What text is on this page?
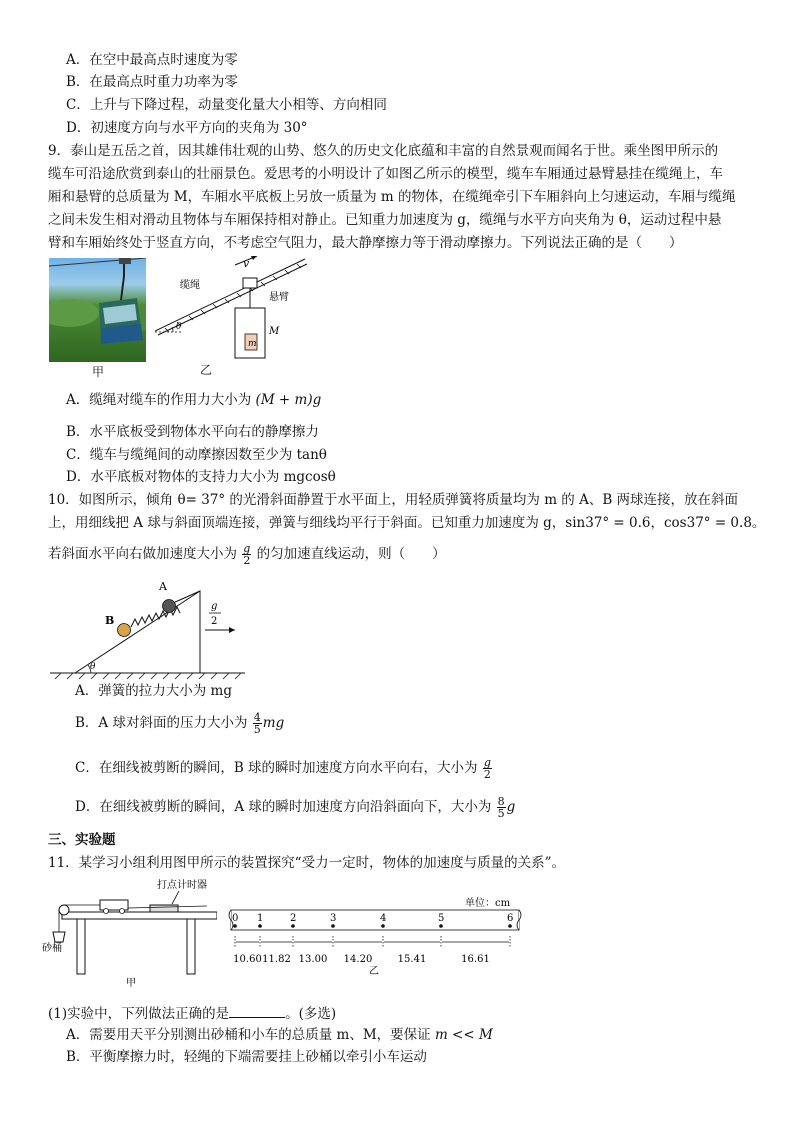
A．在空中最高点时速度为零
B．在最高点时重力功率为零
C．上升与下降过程，动量变化量大小相等、方向相同
D．初速度方向与水平方向的夹角为 30°
9．泰山是五岳之首，因其雄伟壮观的山势、悠久的历史文化底蕴和丰富的自然景观而闻名于世。乘坐图甲所示的
缆车可沿途欣赏到泰山的壮丽景色。爱思考的小明设计了如图乙所示的模型，缆车车厢通过悬臂悬挂在缆绳上，车
厢和悬臂的总质量为 M，车厢水平底板上另放一质量为 m 的物体，在缆绳牵引下车厢斜向上匀速运动，车厢与缆绳
之间未发生相对滑动且物体与车厢保持相对静止。已知重力加速度为 g，缆绳与水平方向夹角为 θ，运动过程中悬
臂和车厢始终处于竖直方向，不考虑空气阻力，最大静摩擦力等于滑动摩擦力。下列说法正确的是（　　）
甲
缆绳
悬臂
v
M
m
θ
乙
A．缆绳对缆车的作用力大小为 (M + m)g
B．水平底板受到物体水平向右的静摩擦力
C．缆车与缆绳间的动摩擦因数至少为 tanθ
D．水平底板对物体的支持力大小为 mgcosθ
10．如图所示，倾角 θ= 37° 的光滑斜面静置于水平面上，用轻质弹簧将质量均为 m 的 A、B 两球连接，放在斜面
上，用细线把 A 球与斜面顶端连接，弹簧与细线均平行于斜面。已知重力加速度为 g，sin37° = 0.6，cos37° = 0.8。
若斜面水平向右做加速度大小为 $\frac{g}{2}$ 的匀加速直线运动，则（　　）
θ
B
A
g
2
A．弹簧的拉力大小为 mg
B．A 球对斜面的压力大小为 $\frac{4}{5}$ mg
C．在细线被剪断的瞬间，B 球的瞬时加速度方向水平向右，大小为 $\frac{g}{2}$
D．在细线被剪断的瞬间，A 球的瞬时加速度方向沿斜面向下，大小为 $\frac{8}{5}$ g
三、实验题
11．某学习小组利用图甲所示的装置探究“受力一定时，物体的加速度与质量的关系”。
打点计时器
砂桶
甲
单位：cm
0 1	2	3	4	5	6
10.60 11.82 13.00 14.20	15.41	16.61
乙
(1)实验中，下列做法正确的是	。(多选)
A．需要用天平分别测出砂桶和小车的总质量 m、M，要保证 m << M
B．平衡摩擦力时，轻绳的下端需要挂上砂桶以牵引小车运动
